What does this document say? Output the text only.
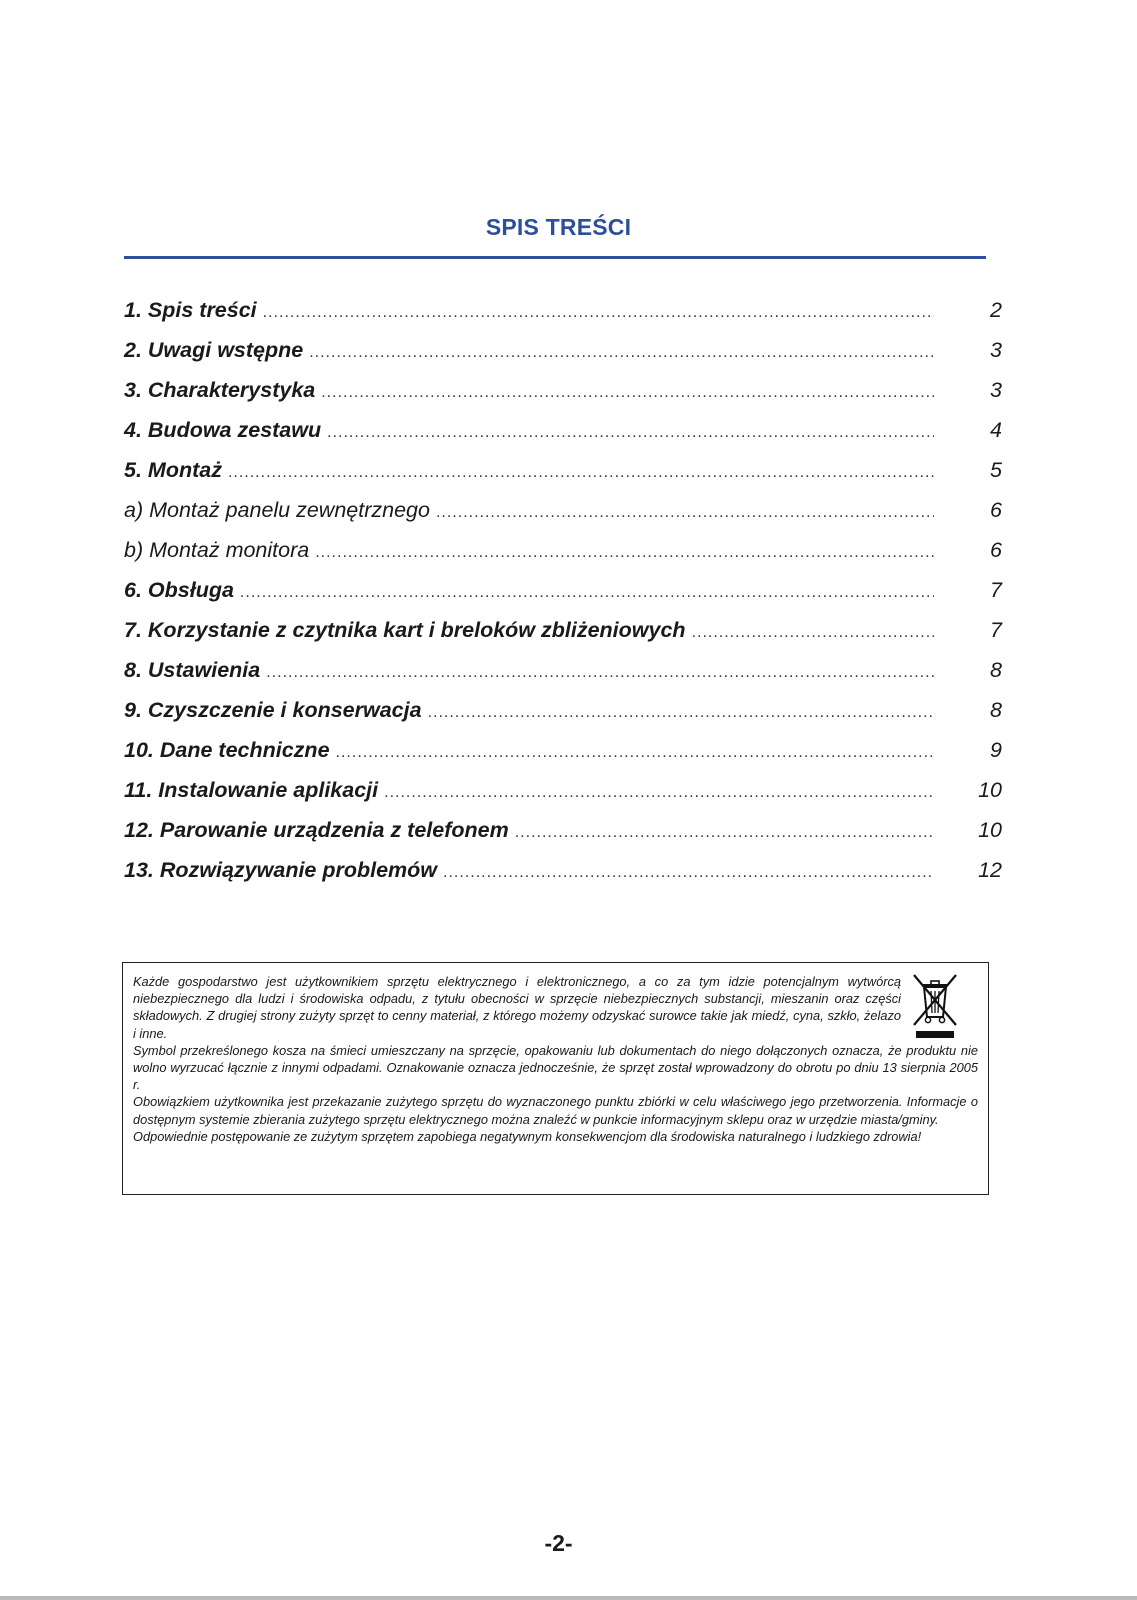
SPIS TREŚCI
1. Spis treści .....	2
2. Uwagi wstępne .....	3
3. Charakterystyka .....	3
4. Budowa zestawu .....	4
5. Montaż .....	5
a) Montaż panelu zewnętrznego .....	6
b) Montaż monitora .....	6
6. Obsługa .....	7
7. Korzystanie z czytnika kart i breloków zbliżeniowych .....	7
8. Ustawienia .....	8
9. Czyszczenie i konserwacja .....	8
10. Dane techniczne .....	9
11. Instalowanie aplikacji .....	10
12. Parowanie urządzenia z telefonem .....	10
13. Rozwiązywanie problemów .....	12

Każde gospodarstwo jest użytkownikiem sprzętu elektrycznego i elektronicznego, a co za tym idzie potencjalnym wytwórcą niebezpiecznego dla ludzi i środowiska odpadu, z tytułu obecności w sprzęcie niebezpiecznych substancji, mieszanin oraz części składowych. Z drugiej strony zużyty sprzęt to cenny materiał, z którego możemy odzyskać surowce takie jak miedź, cyna, szkło, żelazo i inne.

Symbol przekreślonego kosza na śmieci umieszczany na sprzęcie, opakowaniu lub dokumentach do niego dołączonych oznacza, że produktu nie wolno wyrzucać łącznie z innymi odpadami. Oznakowanie oznacza jednocześnie, że sprzęt został wprowadzony do obrotu po dniu 13 sierpnia 2005 r.

Obowiązkiem użytkownika jest przekazanie zużytego sprzętu do wyznaczonego punktu zbiórki w celu właściwego jego przetworzenia. Informacje o dostępnym systemie zbierania zużytego sprzętu elektrycznego można znaleźć w punkcie informacyjnym sklepu oraz w urzędzie miasta/gminy.

Odpowiednie postępowanie ze zużytym sprzętem zapobiega negatywnym konsekwencjom dla środowiska naturalnego i ludzkiego zdrowia!

-2-
